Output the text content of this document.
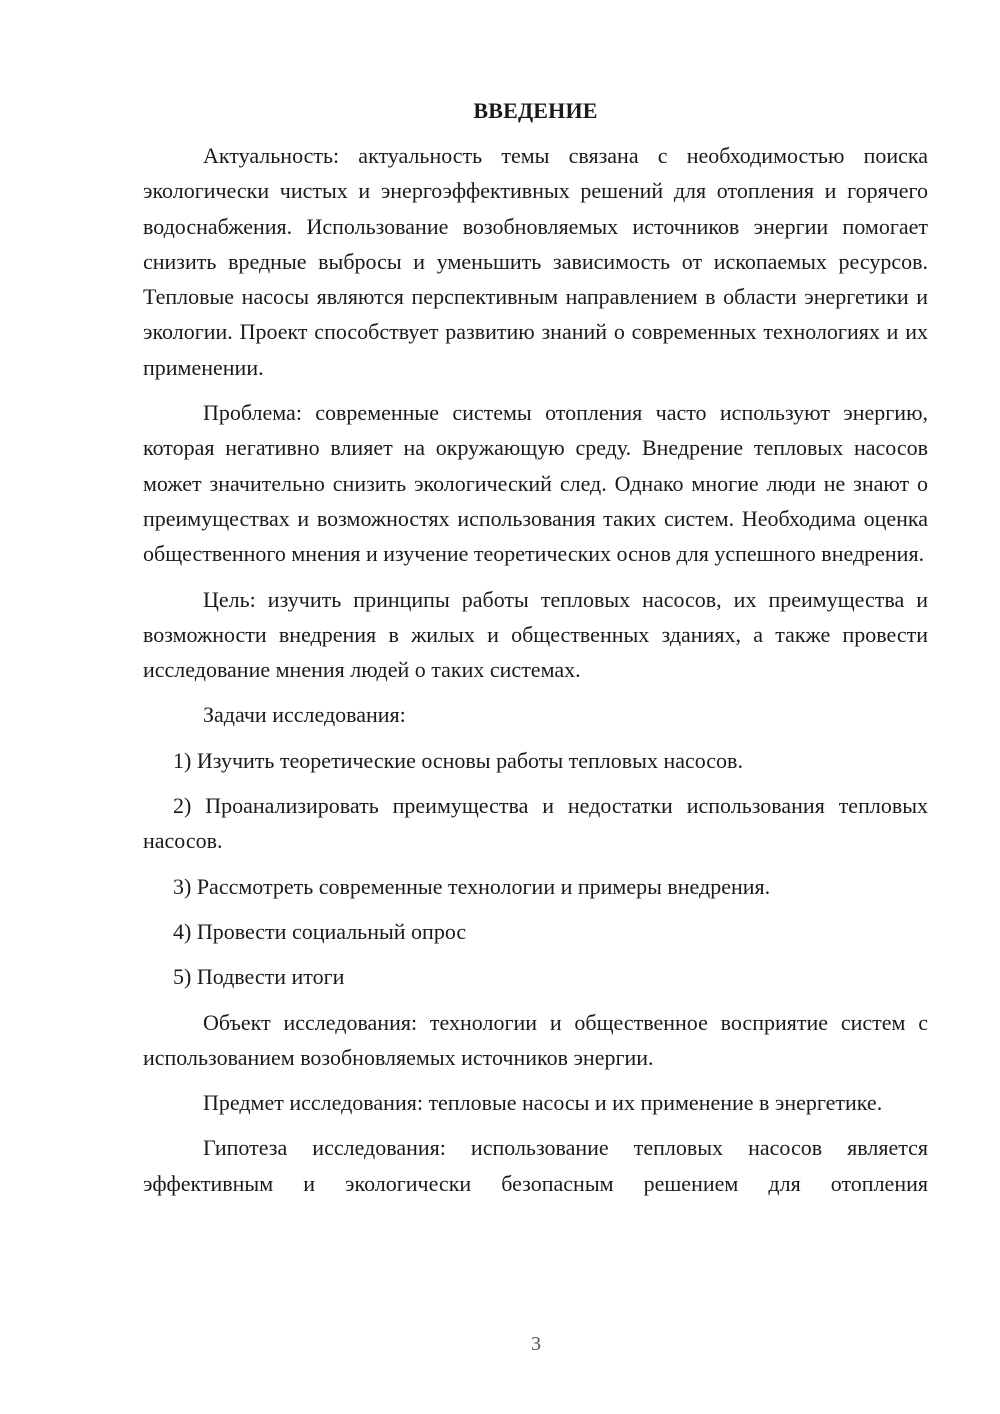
ВВЕДЕНИЕ

Актуальность: актуальность темы связана с необходимостью поиска экологически чистых и энергоэффективных решений для отопления и горячего водоснабжения. Использование возобновляемых источников энергии помогает снизить вредные выбросы и уменьшить зависимость от ископаемых ресурсов. Тепловые насосы являются перспективным направлением в области энергетики и экологии. Проект способствует развитию знаний о современных технологиях и их применении.

Проблема: современные системы отопления часто используют энергию, которая негативно влияет на окружающую среду. Внедрение тепловых насосов может значительно снизить экологический след. Однако многие люди не знают о преимуществах и возможностях использования таких систем. Необходима оценка общественного мнения и изучение теоретических основ для успешного внедрения.

Цель: изучить принципы работы тепловых насосов, их преимущества и возможности внедрения в жилых и общественных зданиях, а также провести исследование мнения людей о таких системах.

Задачи исследования:

1) Изучить теоретические основы работы тепловых насосов.

2) Проанализировать преимущества и недостатки использования тепловых насосов.

3) Рассмотреть современные технологии и примеры внедрения.

4) Провести социальный опрос

5) Подвести итоги

Объект исследования: технологии и общественное восприятие систем с использованием возобновляемых источников энергии.

Предмет исследования: тепловые насосы и их применение в энергетике.

Гипотеза исследования: использование тепловых насосов является эффективным и экологически безопасным решением для отопления

3
